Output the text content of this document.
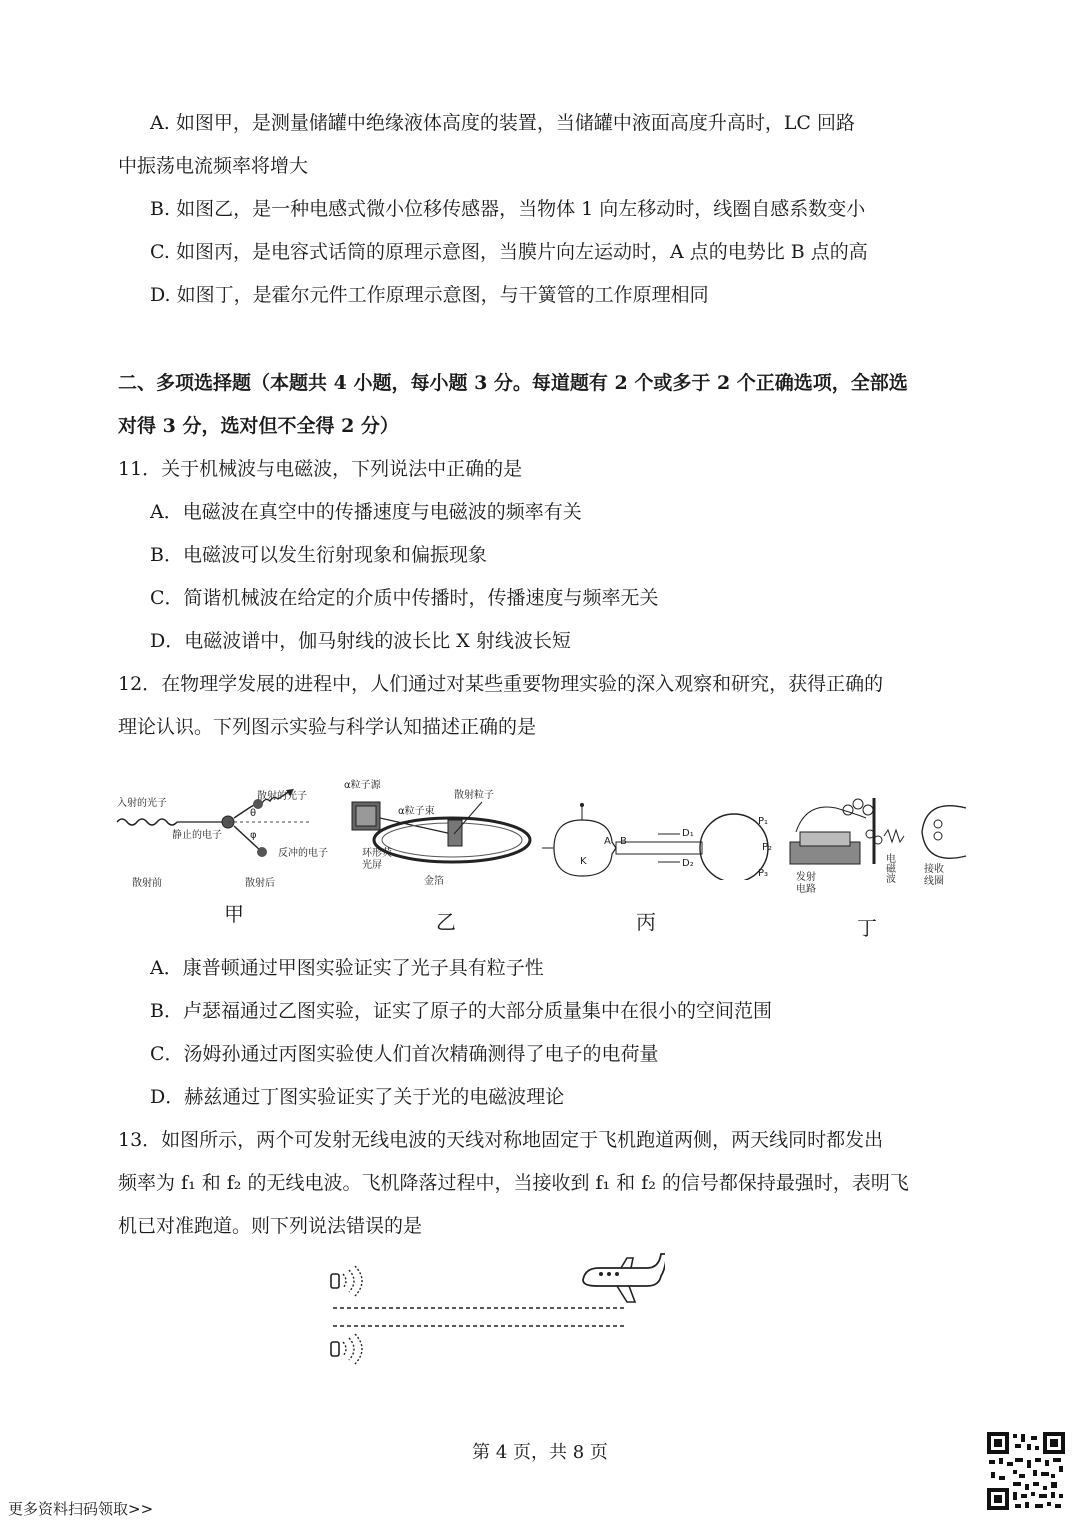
A. 如图甲，是测量储罐中绝缘液体高度的装置，当储罐中液面高度升高时，LC 回路
中振荡电流频率将增大
B. 如图乙，是一种电感式微小位移传感器，当物体 1 向左移动时，线圈自感系数变小
C. 如图丙，是电容式话筒的原理示意图，当膜片向左运动时，A 点的电势比 B 点的高
D. 如图丁，是霍尔元件工作原理示意图，与干簧管的工作原理相同
二、多项选择题（本题共 4 小题，每小题 3 分。每道题有 2 个或多于 2 个正确选项，全部选
对得 3 分，选对但不全得 2 分）
11．关于机械波与电磁波，下列说法中正确的是
A．电磁波在真空中的传播速度与电磁波的频率有关
B．电磁波可以发生衍射现象和偏振现象
C．简谐机械波在给定的介质中传播时，传播速度与频率无关
D．电磁波谱中，伽马射线的波长比 X 射线波长短
12．在物理学发展的进程中，人们通过对某些重要物理实验的深入观察和研究，获得正确的
理论认识。下列图示实验与科学认知描述正确的是
入射的光子
静止的电子
散射的光子
反冲的电子
θ
φ
散射前	散射后
甲
α粒子源
α粒子束
散射粒子
环形荧
光屏
金箔
乙
K
A B
D₁
D₂
P₁
P₂
P₃
丙
发射
电路
电
磁
波
接收
线圈
丁
A．康普顿通过甲图实验证实了光子具有粒子性
B．卢瑟福通过乙图实验，证实了原子的大部分质量集中在很小的空间范围
C．汤姆孙通过丙图实验使人们首次精确测得了电子的电荷量
D．赫兹通过丁图实验证实了关于光的电磁波理论
13．如图所示，两个可发射无线电波的天线对称地固定于飞机跑道两侧，两天线同时都发出
频率为 f₁ 和 f₂ 的无线电波。飞机降落过程中，当接收到 f₁ 和 f₂ 的信号都保持最强时，表明飞
机已对准跑道。则下列说法错误的是
第 4 页，共 8 页
更多资料扫码领取>>
